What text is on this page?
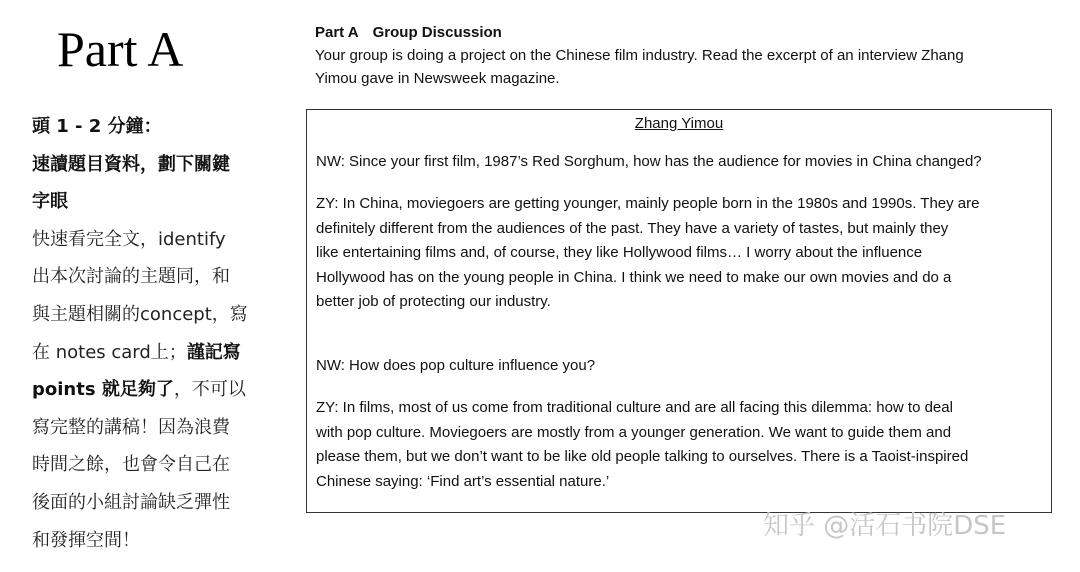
Part A
頭 1 - 2 分鐘：
速讀題目資料，劃下關鍵
字眼
快速看完全文，identify
出本次討論的主題同，和
與主題相關的concept，寫
在 notes card上；謹記寫
points 就足夠了，不可以
寫完整的講稿！因為浪費
時間之餘，也會令自己在
後面的小組討論缺乏彈性
和發揮空間！
Part A Group Discussion
Your group is doing a project on the Chinese film industry. Read the excerpt of an interview Zhang
Yimou gave in Newsweek magazine.
Zhang Yimou
NW: Since your first film, 1987’s Red Sorghum, how has the audience for movies in China changed?
ZY: In China, moviegoers are getting younger, mainly people born in the 1980s and 1990s. They are
definitely different from the audiences of the past. They have a variety of tastes, but mainly they
like entertaining films and, of course, they like Hollywood films… I worry about the influence
Hollywood has on the young people in China. I think we need to make our own movies and do a
better job of protecting our industry.
NW: How does pop culture influence you?
ZY: In films, most of us come from traditional culture and are all facing this dilemma: how to deal
with pop culture. Moviegoers are mostly from a younger generation. We want to guide them and
please them, but we don’t want to be like old people talking to ourselves. There is a Taoist-inspired
Chinese saying: ‘Find art’s essential nature.’
知乎 @活石书院DSE
